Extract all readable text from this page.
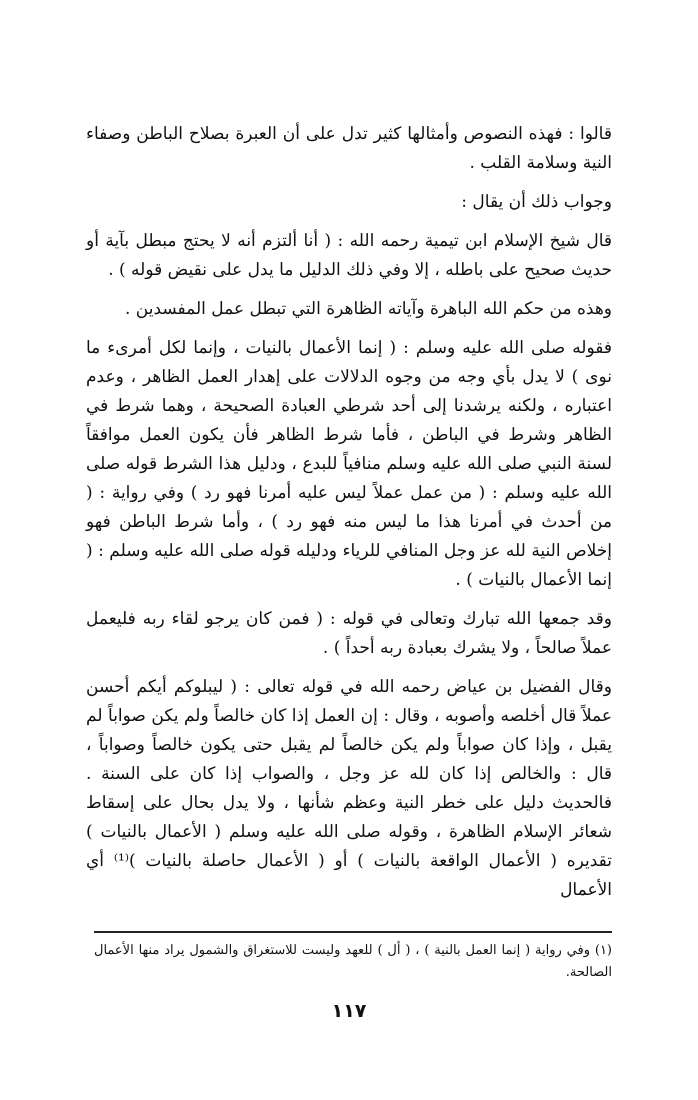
قالوا : فهذه النصوص وأمثالها كثير تدل على أن العبرة بصلاح الباطن وصفاء النية وسلامة القلب .

وجواب ذلك أن يقال :

قال شيخ الإسلام ابن تيمية رحمه الله : ( أنا ألتزم أنه لا يحتج مبطل بآية أو حديث صحيح على باطله ، إلا وفي ذلك الدليل ما يدل على نقيض قوله ) .

وهذه من حكم الله الباهرة وآياته الظاهرة التي تبطل عمل المفسدين .

فقوله صلى الله عليه وسلم : ( إنما الأعمال بالنيات ، وإنما لكل أمرىء ما نوى ) لا يدل بأي وجه من وجوه الدلالات على إهدار العمل الظاهر ، وعدم اعتباره ، ولكنه يرشدنا إلى أحد شرطي العبادة الصحيحة ، وهما شرط في الظاهر وشرط في الباطن ، فأما شرط الظاهر فأن يكون العمل موافقاً لسنة النبي صلى الله عليه وسلم منافياً للبدع ، ودليل هذا الشرط قوله صلى الله عليه وسلم : ( من عمل عملاً ليس عليه أمرنا فهو رد ) وفي رواية : ( من أحدث في أمرنا هذا ما ليس منه فهو رد ) ، وأما شرط الباطن فهو إخلاص النية لله عز وجل المنافي للرياء ودليله قوله صلى الله عليه وسلم : ( إنما الأعمال بالنيات ) .

وقد جمعها الله تبارك وتعالى في قوله : ( فمن كان يرجو لقاء ربه فليعمل عملاً صالحاً ، ولا يشرك بعبادة ربه أحداً ) .

وقال الفضيل بن عياض رحمه الله في قوله تعالى : ( ليبلوكم أيكم أحسن عملاً قال أخلصه وأصوبه ، وقال : إن العمل إذا كان خالصاً ولم يكن صواباً لم يقبل ، وإذا كان صواباً ولم يكن خالصاً لم يقبل حتى يكون خالصاً وصواباً ، قال : والخالص إذا كان لله عز وجل ، والصواب إذا كان على السنة . فالحديث دليل على خطر النية وعظم شأنها ، ولا يدل بحال على إسقاط شعائر الإسلام الظاهرة ، وقوله صلى الله عليه وسلم ( الأعمال بالنيات ) تقديره ( الأعمال الواقعة بالنيات ) أو ( الأعمال حاصلة بالنيات )⁽¹⁾ أي الأعمال

(١) وفي رواية ( إنما العمل بالنية ) ، ( أل ) للعهد وليست للاستغراق والشمول يراد منها الأعمال الصالحة.

١١٧
